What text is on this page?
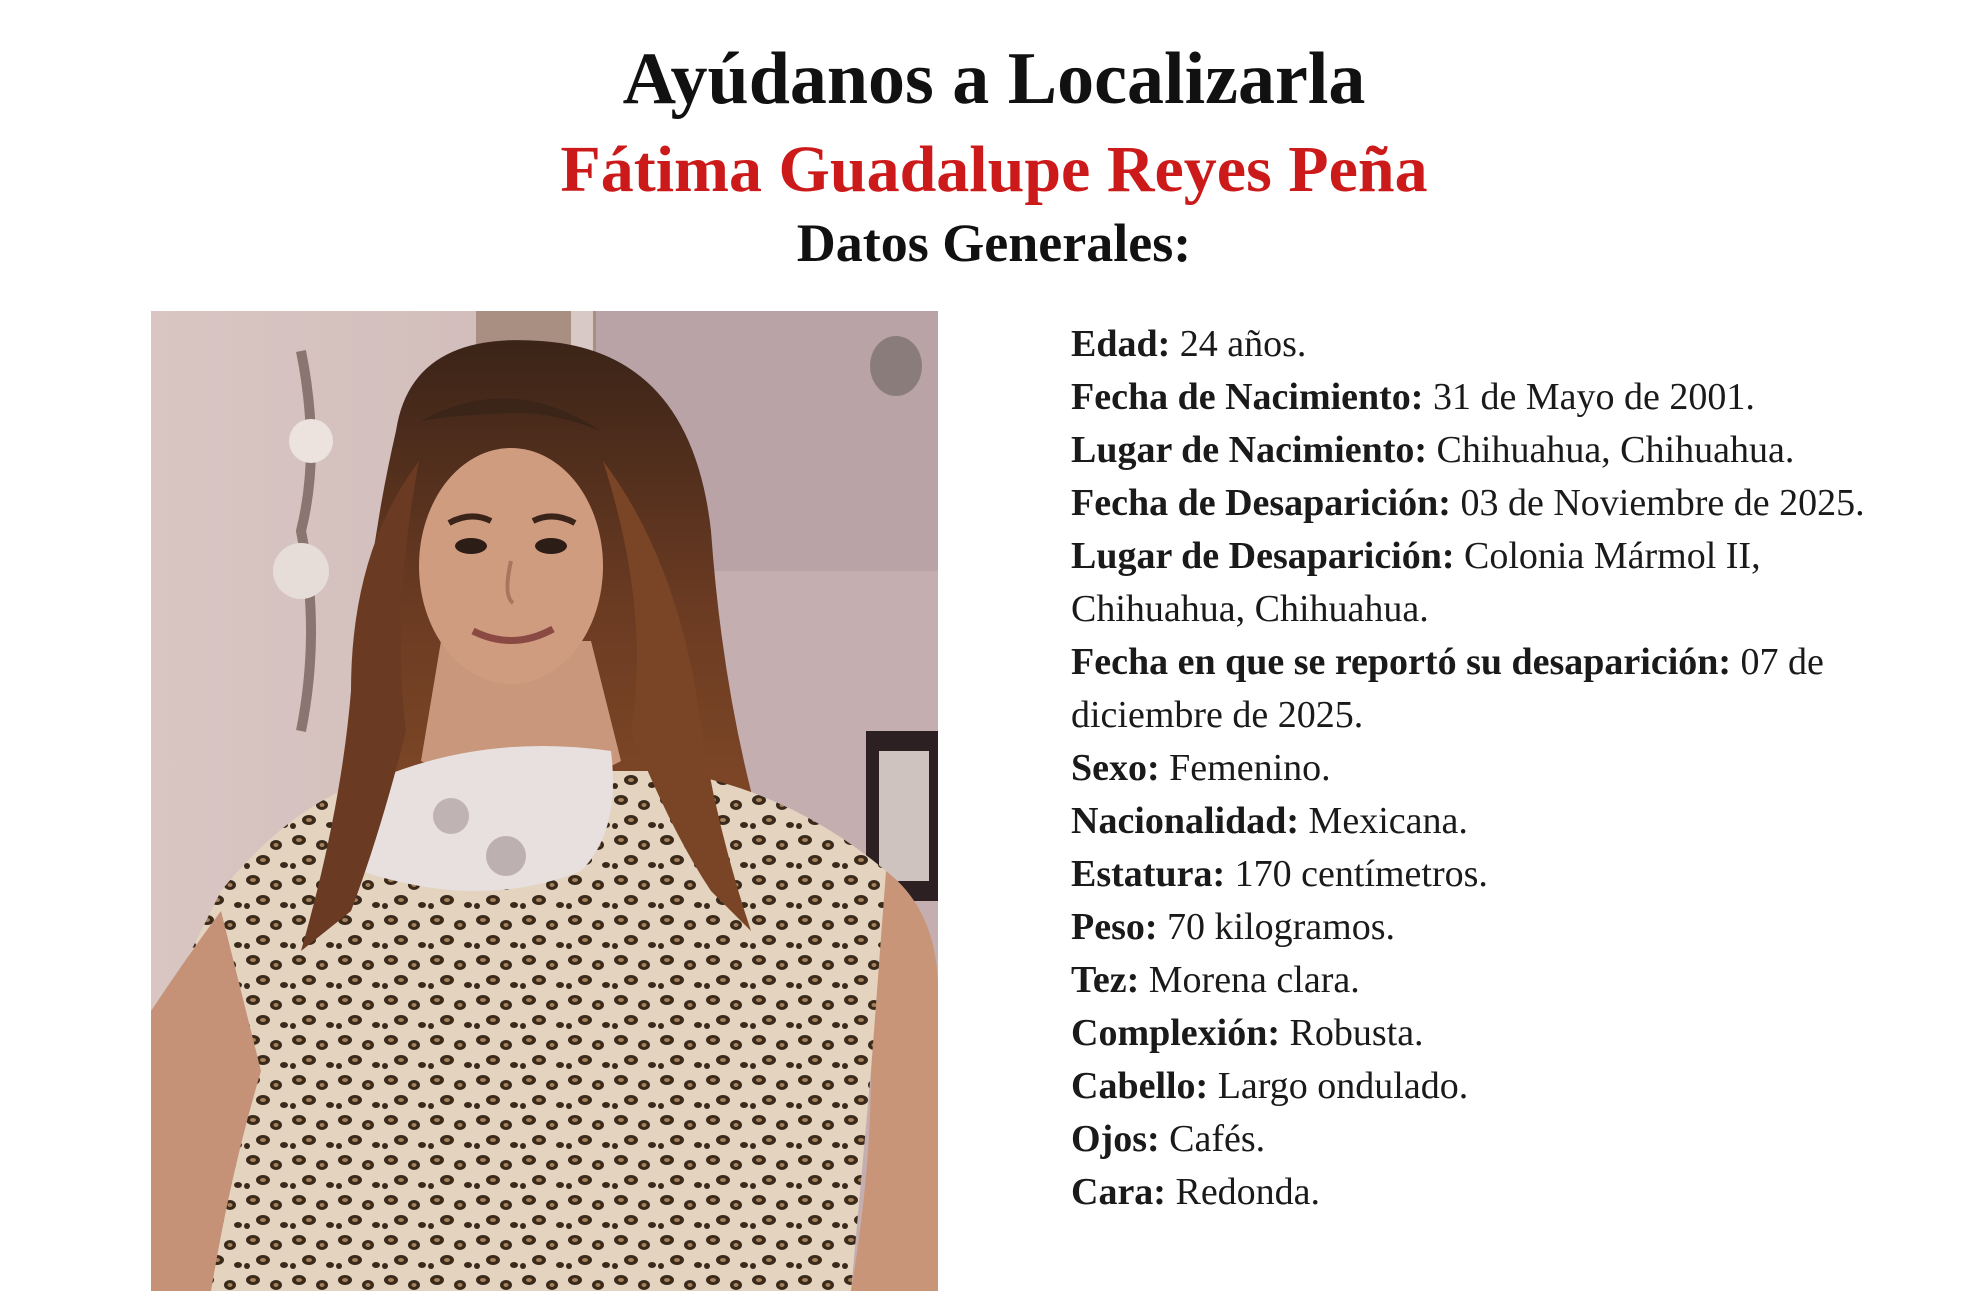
Ayúdanos a Localizarla
Fátima Guadalupe Reyes Peña
Datos Generales:

Edad: 24 años.

Fecha de Nacimiento: 31 de Mayo de 2001.

Lugar de Nacimiento: Chihuahua, Chihuahua.

Fecha de Desaparición: 03 de Noviembre de 2025.

Lugar de Desaparición: Colonia Mármol II, Chihuahua, Chihuahua.

Fecha en que se reportó su desaparición: 07 de diciembre de 2025.

Sexo: Femenino.

Nacionalidad: Mexicana.

Estatura: 170 centímetros.

Peso: 70 kilogramos.

Tez: Morena clara.

Complexión: Robusta.

Cabello: Largo ondulado.

Ojos: Cafés.

Cara: Redonda.
